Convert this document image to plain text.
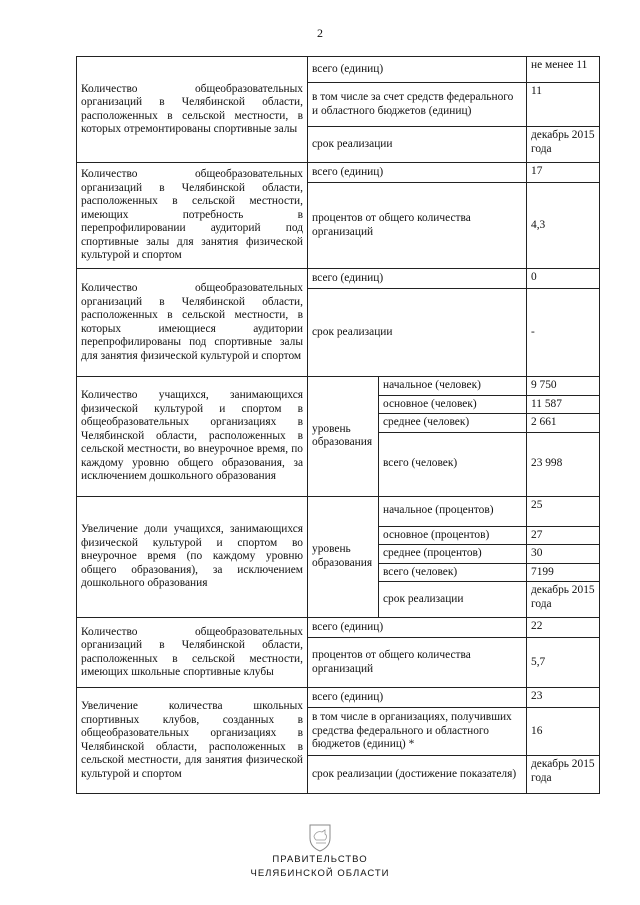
2
Количество общеобразовательных организаций в Челябинской области, расположенных в сельской местности, в которых отремонтированы спортивные залы	всего (единиц)		не менее 11
	в том числе за счет средств федерального и областного бюджетов (единиц)		11
	срок реализации		декабрь 2015 года
Количество общеобразовательных организаций в Челябинской области, расположенных в сельской местности, имеющих потребность в перепрофилировании аудиторий под спортивные залы для занятия физической культурой и спортом	всего (единиц)		17
	процентов от общего количества организаций		4,3
Количество общеобразовательных организаций в Челябинской области, расположенных в сельской местности, в которых имеющиеся аудитории перепрофилированы под спортивные залы для занятия физической культурой и спортом	всего (единиц)		0
	срок реализации		-
Количество учащихся, занимающихся физической культурой и спортом в общеобразовательных организациях в Челябинской области, расположенных в сельской местности, во внеурочное время, по каждому уровню общего образования, за исключением дошкольного образования	уровень образования	начальное (человек)	9 750
		основное (человек)	11 587
		среднее (человек)	2 661
		всего (человек)	23 998
Увеличение доли учащихся, занимающихся физической культурой и спортом во внеурочное время (по каждому уровню общего образования), за исключением дошкольного образования	уровень образования	начальное (процентов)	25
		основное (процентов)	27
		среднее (процентов)	30
		всего (человек)	7199
		срок реализации	декабрь 2015 года
Количество общеобразовательных организаций в Челябинской области, расположенных в сельской местности, имеющих школьные спортивные клубы	всего (единиц)		22
	процентов от общего количества организаций		5,7
Увеличение количества школьных спортивных клубов, созданных в общеобразовательных организациях в Челябинской области, расположенных в сельской местности, для занятия физической культурой и спортом	всего (единиц)		23
	в том числе в организациях, получивших средства федерального и областного бюджетов (единиц) *		16
	срок реализации (достижение показателя)		декабрь 2015 года
ПРАВИТЕЛЬСТВО
ЧЕЛЯБИНСКОЙ ОБЛАСТИ
